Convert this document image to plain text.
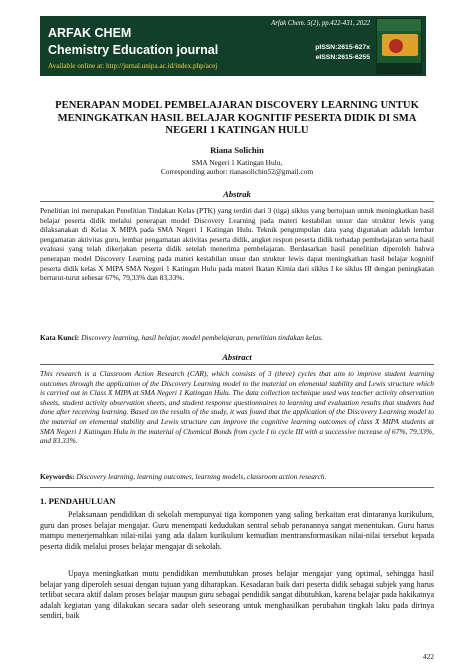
ARFAK CHEM
Chemistry Education journal
Available online at: http://jurnal.unipa.ac.id/index.php/acej
Arfak Chem. 5(2), pp.422-431, 2022
pISSN:2615-627x
eISSN:2615-6255
PENERAPAN MODEL PEMBELAJARAN DISCOVERY LEARNING UNTUK MENINGKATKAN HASIL BELAJAR KOGNITIF PESERTA DIDIK DI SMA NEGERI 1 KATINGAN HULU
Riana Solichin
SMA Negeri 1 Katingan Hulu,
Corresponding author: rianasolichin52@gmail.com
Abstrak
Penelitian ini merupakan Penelitian Tindakan Kelas (PTK) yang terdiri dari 3 (tiga) siklus yang bertujuan untuk meningkatkan hasil belajar peserta didik melalui penerapan model Discovery Learning pada materi kestabilan unsur dan struktur lewis yang dilaksanakan di Kelas X MIPA pada SMA Negeri 1 Katingan Hulu. Teknik pengumpulan data yang digunakan adalah lembar pengamatan aktivitas guru, lembar pengamatan aktivitas peserta didik, angket respon peserta didik terhadap pembelajaran serta hasil evaluasi yang telah dikerjakan peserta didik setelah menerima pembelajaran. Berdasarkan hasil penelitian diperoleh bahwa penerapan model Discovery Learning pada materi kestabilan unsur dan struktur lewis dapat meningkatkan hasil belajar kognitif peserta didik kelas X MIPA SMA Negeri 1 Katingan Hulu pada materi Ikatan Kimia dari siklus I ke siklus III dengan peningkatan berturut-turut sebesar 67%, 79,33% dan 83,33%.
Kata Kunci: Discovery learning, hasil belajar, model pembelajaran, penelitian tindakan kelas.
Abstract
This research is a Classroom Action Research (CAR), which consists of 3 (three) cycles that aim to improve student learning outcomes through the application of the Discovery Learning model to the material on elemental stability and Lewis structure which is carried out in Class X MIPA at SMA Negeri 1 Katingan Hulu. The data collection technique used was teacher activity observation sheets, student activity observation sheets, and student response questionnaires to learning and evaluation results that students had done after receiving learning. Based on the results of the study, it was found that the application of the Discovery Learning model to the material on elemental stability and Lewis structure can improve the cognitive learning outcomes of class X MIPA students at SMA Negeri 1 Katingan Hulu in the material of Chemical Bonds from cycle I to cycle III with a successive increase of 67%, 79.33%, and 83.33%.
Keywords: Discovery learning, learning outcomes, learning models, classroom action research.
1. PENDAHULUAN
Pelaksanaan pendidikan di sekolah mempunyai tiga komponen yang saling berkaitan erat dintaranya kurikulum, guru dan proses belajar mengajar. Guru menempati kedudukan sentral sebab peranannya sangat menentukan. Guru harus mampu menerjemahkan nilai-nilai yang ada dalam kurikulum kemudian mentransformasikan nilai-nilai tersebut kepada peserta didik melalui proses belajar mengajar di sekolah.
Upaya meningkatkan mutu pendidikan membutuhkan proses belajar mengajar yang optimal, sehingga hasil belajar yang diperoleh sesuai dengan tujuan yang diharapkan. Kesadaran baik dari peserta didik sebagai subjek yang harus terlibat secara aktif dalam proses belajar maupun guru sebagai pendidik sangat dibutuhkan, karena belajar pada hakikatnya adalah kegiatan yang dilakukan secara sadar oleh seseorang untuk menghasilkan perubahan tingkah laku pada dirinya sendiri, baik
422
